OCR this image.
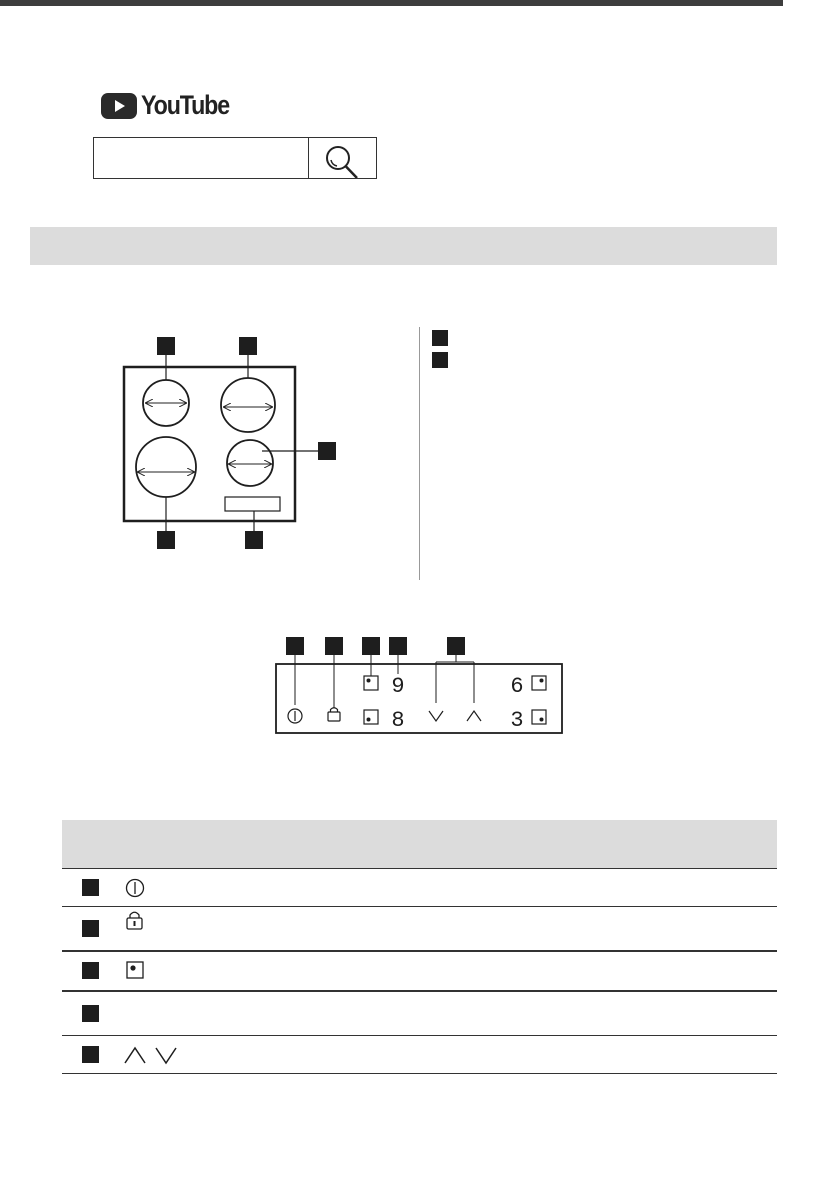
YouTube
9
8
6
3
